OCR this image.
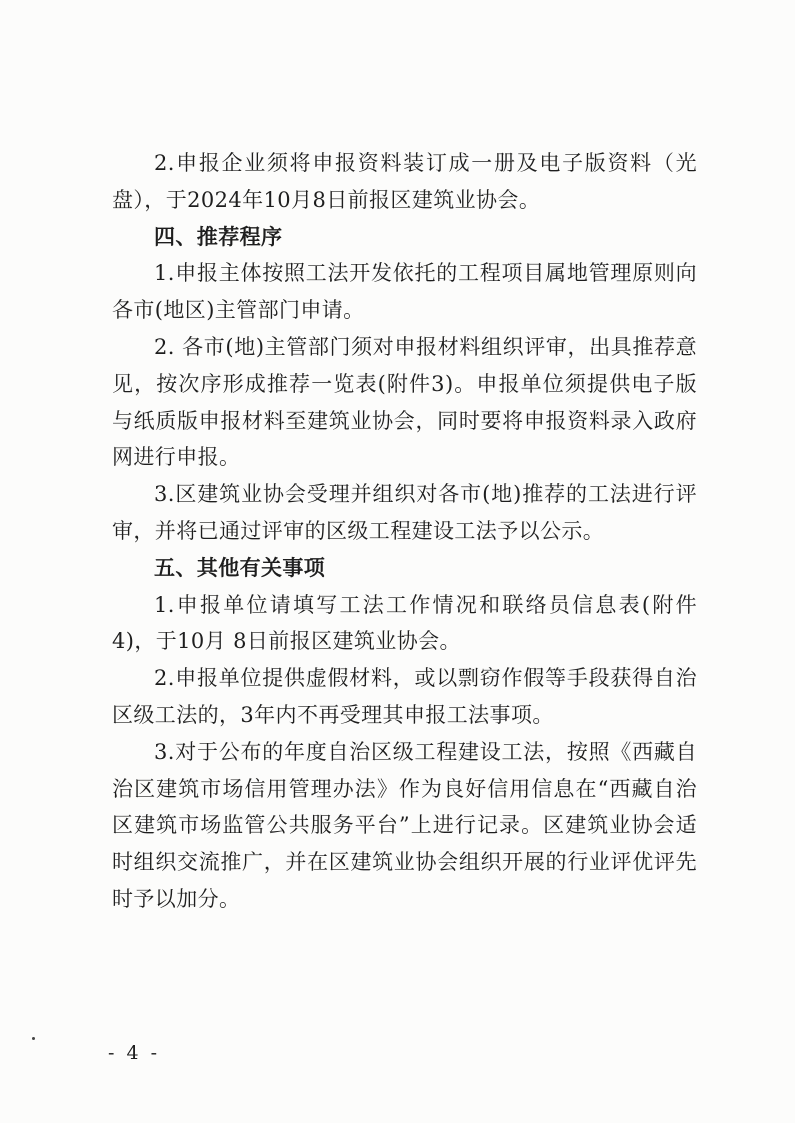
2.申报企业须将申报资料装订成一册及电子版资料（光盘），于2024年10月8日前报区建筑业协会。

四、推荐程序

1.申报主体按照工法开发依托的工程项目属地管理原则向各市(地区)主管部门申请。

2. 各市(地)主管部门须对申报材料组织评审，出具推荐意见，按次序形成推荐一览表(附件3)。申报单位须提供电子版与纸质版申报材料至建筑业协会，同时要将申报资料录入政府网进行申报。

3.区建筑业协会受理并组织对各市(地)推荐的工法进行评审，并将已通过评审的区级工程建设工法予以公示。

五、其他有关事项

1.申报单位请填写工法工作情况和联络员信息表(附件4)，于10月 8日前报区建筑业协会。

2.申报单位提供虚假材料，或以剽窃作假等手段获得自治区级工法的，3年内不再受理其申报工法事项。

3.对于公布的年度自治区级工程建设工法，按照《西藏自治区建筑市场信用管理办法》作为良好信用信息在“西藏自治区建筑市场监管公共服务平台”上进行记录。区建筑业协会适时组织交流推广，并在区建筑业协会组织开展的行业评优评先时予以加分。

- 4 -
